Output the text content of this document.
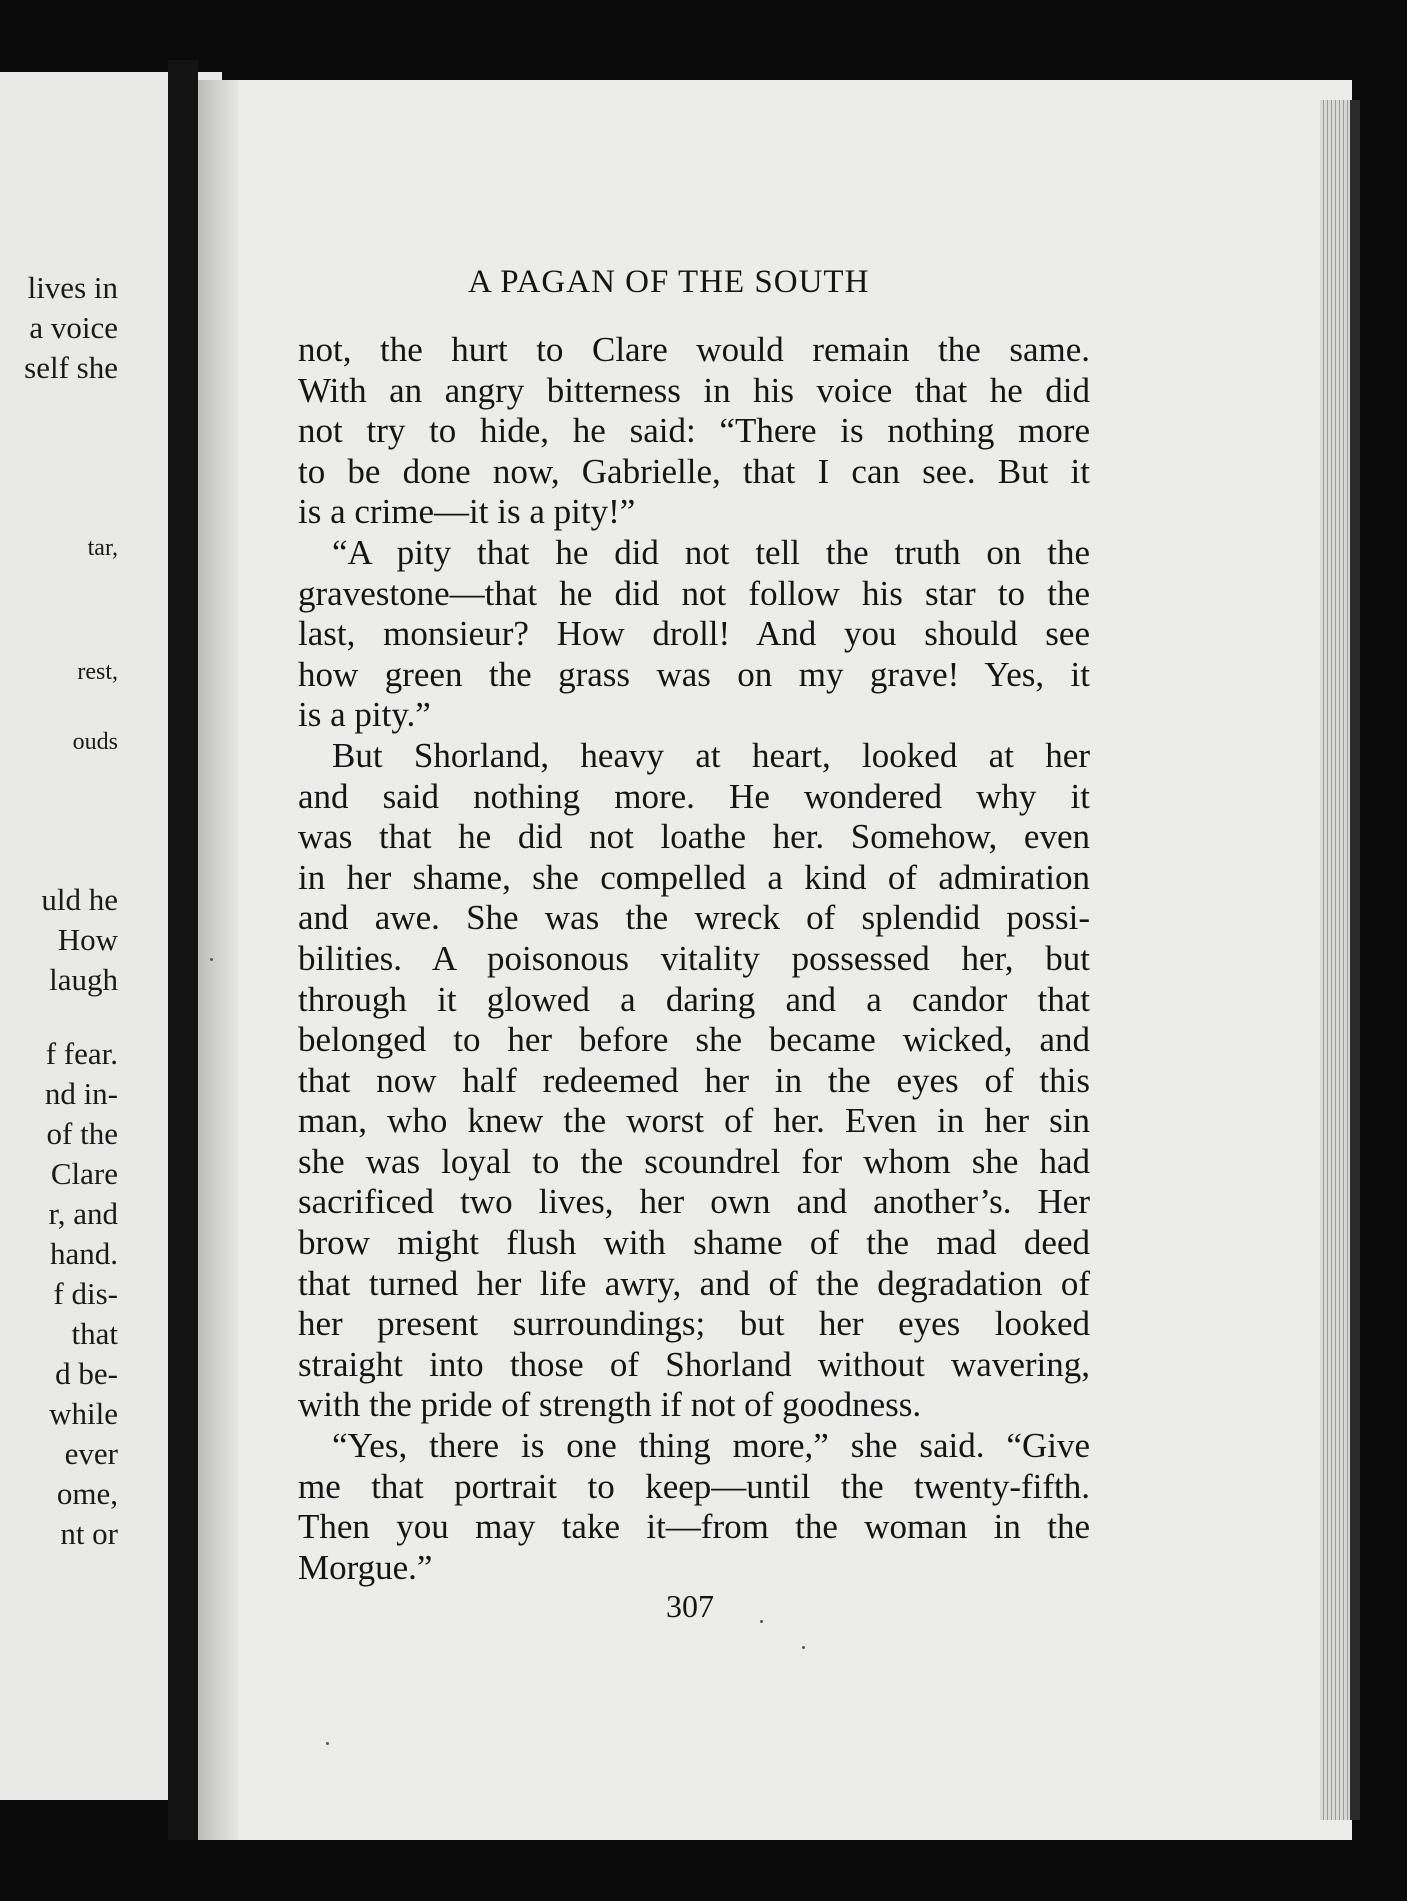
lives in
a voice
self she
tar,
rest,
ouds
uld he
How
laugh
f fear.
nd in-
of the
Clare
r, and
hand.
f dis-
that
d be-
while
ever
ome,
nt or
A PAGAN OF THE SOUTH
not, the hurt to Clare would remain the same.
With an angry bitterness in his voice that he did
not try to hide, he said: “There is nothing more
to be done now, Gabrielle, that I can see. But it
is a crime—it is a pity!”
“A pity that he did not tell the truth on the
gravestone—that he did not follow his star to the
last, monsieur? How droll! And you should see
how green the grass was on my grave! Yes, it
is a pity.”
But Shorland, heavy at heart, looked at her
and said nothing more. He wondered why it
was that he did not loathe her. Somehow, even
in her shame, she compelled a kind of admiration
and awe. She was the wreck of splendid possi-
bilities. A poisonous vitality possessed her, but
through it glowed a daring and a candor that
belonged to her before she became wicked, and
that now half redeemed her in the eyes of this
man, who knew the worst of her. Even in her sin
she was loyal to the scoundrel for whom she had
sacrificed two lives, her own and another’s. Her
brow might flush with shame of the mad deed
that turned her life awry, and of the degradation of
her present surroundings; but her eyes looked
straight into those of Shorland without wavering,
with the pride of strength if not of goodness.
“Yes, there is one thing more,” she said. “Give
me that portrait to keep—until the twenty-fifth.
Then you may take it—from the woman in the
Morgue.”
307
